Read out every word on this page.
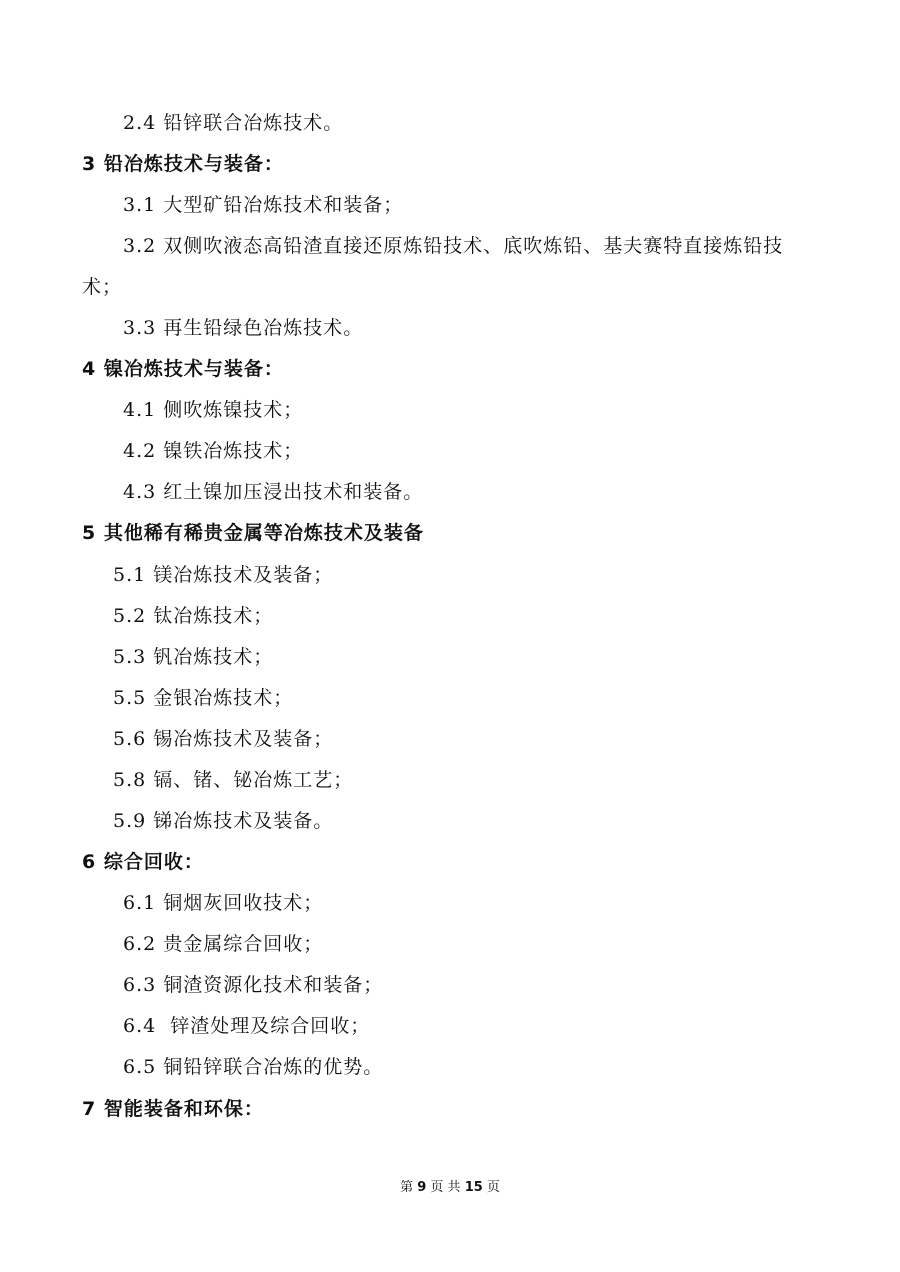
2.4 铅锌联合冶炼技术。
3 铅冶炼技术与装备：
3.1 大型矿铅冶炼技术和装备；
3.2 双侧吹液态高铅渣直接还原炼铅技术、底吹炼铅、基夫赛特直接炼铅技
术；
3.3 再生铅绿色冶炼技术。
4 镍冶炼技术与装备：
4.1 侧吹炼镍技术；
4.2 镍铁冶炼技术；
4.3 红土镍加压浸出技术和装备。
5 其他稀有稀贵金属等冶炼技术及装备
5.1 镁冶炼技术及装备；
5.2 钛冶炼技术；
5.3 钒冶炼技术；
5.5 金银冶炼技术；
5.6 锡冶炼技术及装备；
5.8 镉、锗、铋冶炼工艺；
5.9 锑冶炼技术及装备。
6 综合回收：
6.1 铜烟灰回收技术；
6.2 贵金属综合回收；
6.3 铜渣资源化技术和装备；
6.4  锌渣处理及综合回收；
6.5 铜铅锌联合冶炼的优势。
7 智能装备和环保：
第 9 页 共 15 页
